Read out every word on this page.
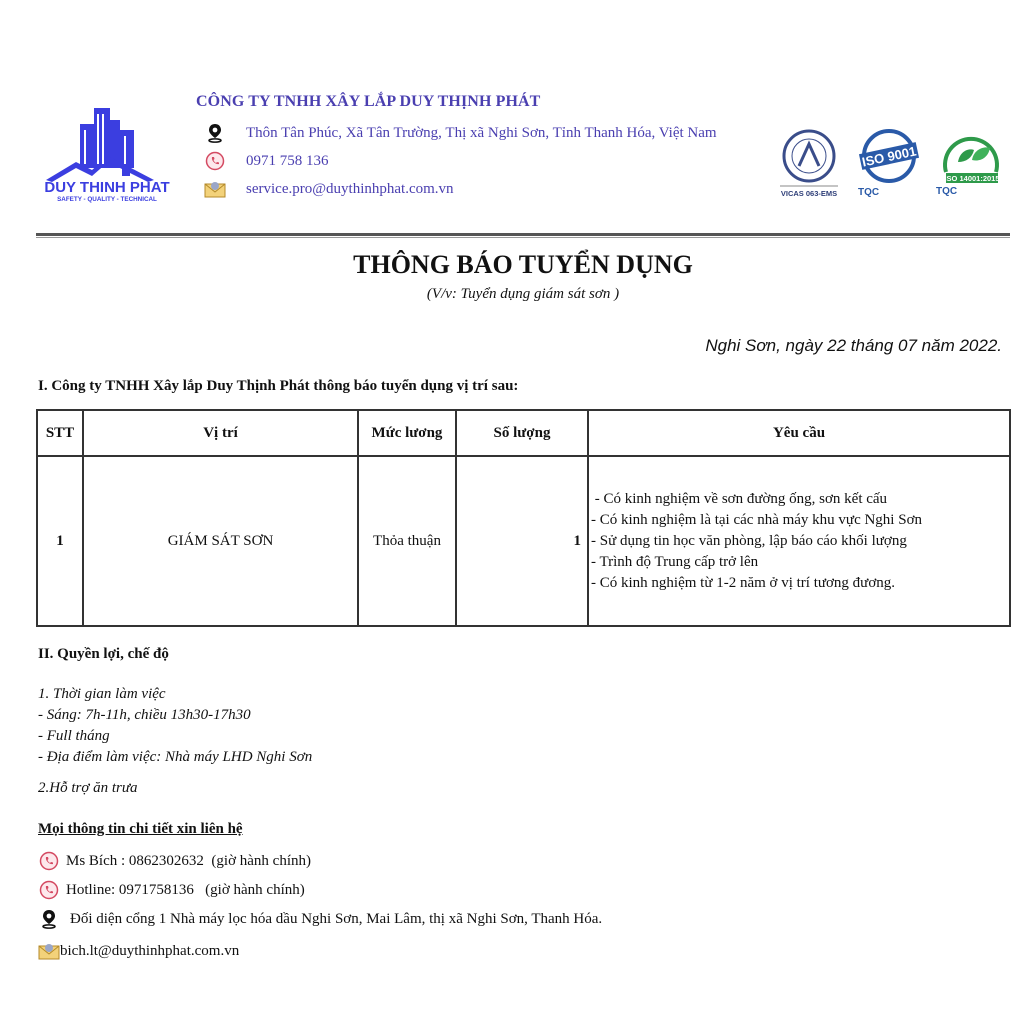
DUY THINH PHAT
SAFETY - QUALITY - TECHNICAL
CÔNG TY TNHH XÂY LẮP DUY THỊNH PHÁT
Thôn Tân Phúc, Xã Tân Trường, Thị xã Nghi Sơn, Tỉnh Thanh Hóa, Việt Nam
0971 758 136
service.pro@duythinhphat.com.vn	VICAS 063-EMS
ISO 9001
TQC
ISO 14001:2015
TQC
THÔNG BÁO TUYỂN DỤNG
(V/v: Tuyển dụng giám sát sơn )
Nghi Sơn, ngày 22 tháng 07 năm 2022.
I. Công ty TNHH Xây lắp Duy Thịnh Phát thông báo tuyển dụng vị trí sau:
STT	Vị trí	Mức lương	Số lượng	Yêu cầu
1	GIÁM SÁT SƠN	Thỏa thuận	1	- Có kinh nghiệm về sơn đường ống, sơn kết cấu
- Có kinh nghiệm là tại các nhà máy khu vực Nghi Sơn
- Sử dụng tin học văn phòng, lập báo cáo khối lượng
- Trình độ Trung cấp trở lên
- Có kinh nghiệm từ 1-2 năm ở vị trí tương đương.
II. Quyền lợi, chế độ
1. Thời gian làm việc
- Sáng: 7h-11h, chiều 13h30-17h30
- Full tháng
- Địa điểm làm việc: Nhà máy LHD Nghi Sơn
2.Hỗ trợ ăn trưa
Mọi thông tin chi tiết xin liên hệ
Ms Bích : 0862302632  (giờ hành chính)
Hotline: 0971758136   (giờ hành chính)
Đối diện cổng 1 Nhà máy lọc hóa dầu Nghi Sơn, Mai Lâm, thị xã Nghi Sơn, Thanh Hóa.
bich.lt@duythinhphat.com.vn
